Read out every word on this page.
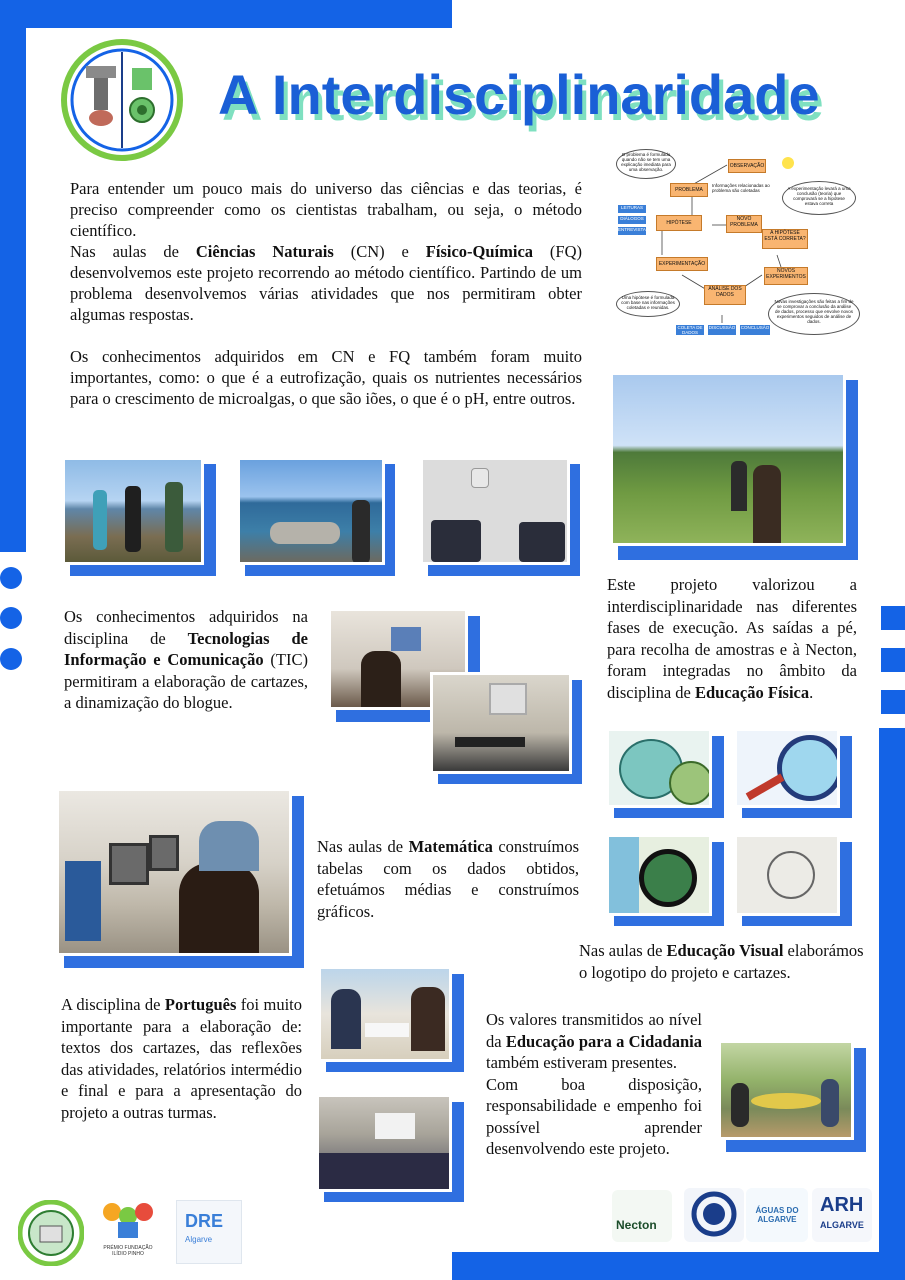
A Interdisciplinaridade
Para entender um pouco mais do universo das ciências e das teorias, é preciso compreender como os cientistas trabalham, ou seja, o método científico.
Nas aulas de Ciências Naturais (CN) e Físico-Química (FQ) desenvolvemos este projeto recorrendo ao método científico. Partindo de um problema desenvolvemos várias atividades que nos permitiram obter algumas respostas.
Os conhecimentos adquiridos em CN e FQ também foram muito importantes, como: o que é a eutrofização, quais os nutrientes necessários para o crescimento de microalgas, o que são iões, o que é o pH, entre outros.
OBSERVAÇÃO
O problema é formulado quando não se tem uma explicação imediata para uma observação.
PROBLEMA
Informações relacionadas ao problema são coletadas	A experimentação levará a uma conclusão (teoria) que comprovará se a hipótese estava correta
LEITURAS
DIÁLOGOS
ENTREVISTAS
HIPÓTESE
NOVO PROBLEMA
A HIPÓTESE ESTÁ CORRETA?
EXPERIMENTAÇÃO
NOVOS EXPERIMENTOS
Uma hipótese é formulada com base nas informações coletadas e reunidas.
ANÁLISE DOS DADOS
Novas investigações são feitas a fim de se comprovar a conclusão da análise de dados, processo que envolve novos experimentos seguidos de análise de dados.
COLETA DE DADOS
DISCUSSÃO CONCLUSÃO
Este projeto valorizou a interdisciplinaridade nas diferentes fases de execução. As saídas a pé, para recolha de amostras e à Necton, foram integradas no âmbito da disciplina de Educação Física.
Os conhecimentos adquiridos na disciplina de Tecnologias de Informação e Comunicação (TIC) permitiram a elaboração de cartazes, a dinamização do blogue.
Nas aulas de Matemática construímos tabelas com os dados obtidos, efetuámos médias e construímos gráficos.
Nas aulas de Educação Visual elaborámos o logotipo do projeto e cartazes.
A disciplina de Português foi muito importante para a elaboração de: textos dos cartazes, das reflexões das atividades, relatórios intermédio e final e para a apresentação do projeto a outras turmas.
Os valores transmitidos ao nível da Educação para a Cidadania também estiveram presentes.
Com boa disposição, responsabilidade e empenho foi possível aprender desenvolvendo este projeto.
PRÉMIO FUNDAÇÃO ILÍDIO PINHO
DRE
Algarve
Necton
ÁGUAS DO ALGARVE
ARH
ALGARVE
